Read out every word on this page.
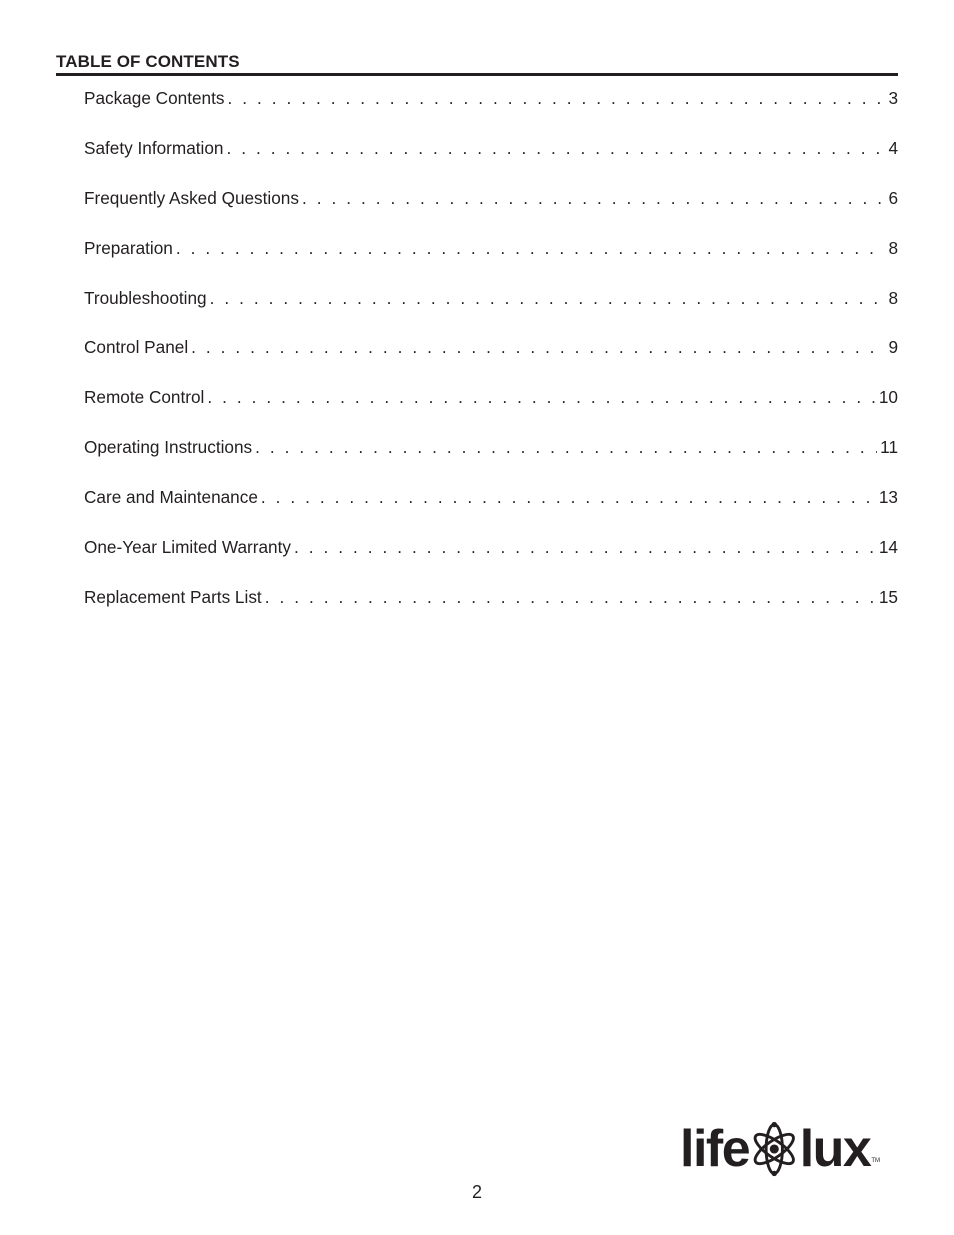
TABLE OF CONTENTS
Package Contents . . .	3
Safety Information . . .	4
Frequently Asked Questions . . .	6
Preparation . . .	8
Troubleshooting . . .	8
Control Panel . . .	9
Remote Control . . .	10
Operating Instructions . . .	11
Care and Maintenance . . .	13
One-Year Limited Warranty . . .	14
Replacement Parts List . . .	15
life lux TM
2
